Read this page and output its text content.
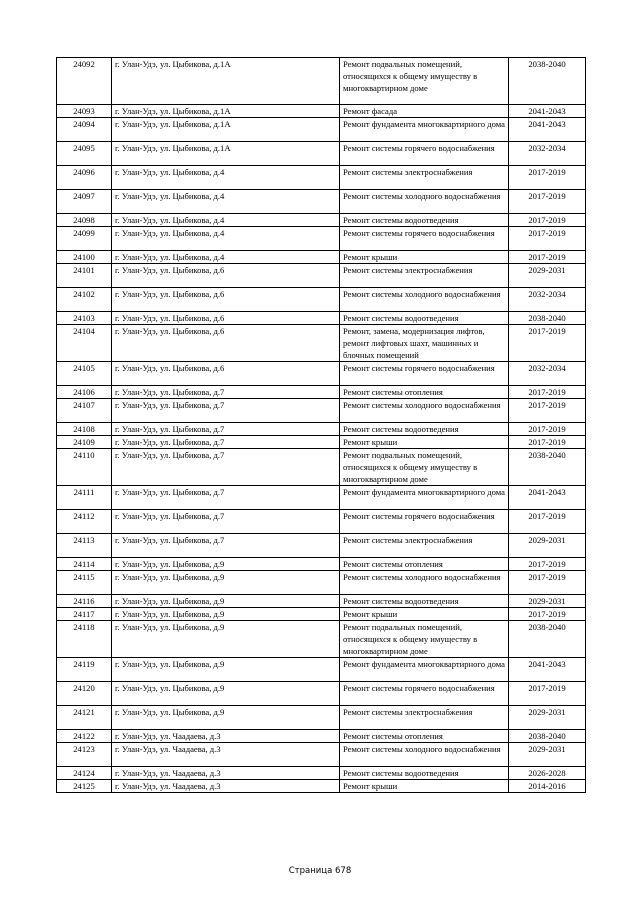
24092	г. Улан-Удэ, ул. Цыбикова, д.1А	Ремонт подвальных помещений, относящихся к общему имуществу в многоквартирном доме	2038-2040
24093	г. Улан-Удэ, ул. Цыбикова, д.1А	Ремонт фасада	2041-2043
24094	г. Улан-Удэ, ул. Цыбикова, д.1А	Ремонт фундамента многоквартирного дома	2041-2043
24095	г. Улан-Удэ, ул. Цыбикова, д.1А	Ремонт системы горячего водоснабжения	2032-2034
24096	г. Улан-Удэ, ул. Цыбикова, д.4	Ремонт системы электроснабжения	2017-2019
24097	г. Улан-Удэ, ул. Цыбикова, д.4	Ремонт системы холодного водоснабжения	2017-2019
24098	г. Улан-Удэ, ул. Цыбикова, д.4	Ремонт системы водоотведения	2017-2019
24099	г. Улан-Удэ, ул. Цыбикова, д.4	Ремонт системы горячего водоснабжения	2017-2019
24100	г. Улан-Удэ, ул. Цыбикова, д.4	Ремонт крыши	2017-2019
24101	г. Улан-Удэ, ул. Цыбикова, д.6	Ремонт системы электроснабжения	2029-2031
24102	г. Улан-Удэ, ул. Цыбикова, д.6	Ремонт системы холодного водоснабжения	2032-2034
24103	г. Улан-Удэ, ул. Цыбикова, д.6	Ремонт системы водоотведения	2038-2040
24104	г. Улан-Удэ, ул. Цыбикова, д.6	Ремонт, замена, модернизация лифтов, ремонт лифтовых шахт, машинных и блочных помещений	2017-2019
24105	г. Улан-Удэ, ул. Цыбикова, д.6	Ремонт системы горячего водоснабжения	2032-2034
24106	г. Улан-Удэ, ул. Цыбикова, д.7	Ремонт системы отопления	2017-2019
24107	г. Улан-Удэ, ул. Цыбикова, д.7	Ремонт системы холодного водоснабжения	2017-2019
24108	г. Улан-Удэ, ул. Цыбикова, д.7	Ремонт системы водоотведения	2017-2019
24109	г. Улан-Удэ, ул. Цыбикова, д.7	Ремонт крыши	2017-2019
24110	г. Улан-Удэ, ул. Цыбикова, д.7	Ремонт подвальных помещений, относящихся к общему имуществу в многоквартирном доме	2038-2040
24111	г. Улан-Удэ, ул. Цыбикова, д.7	Ремонт фундамента многоквартирного дома	2041-2043
24112	г. Улан-Удэ, ул. Цыбикова, д.7	Ремонт системы горячего водоснабжения	2017-2019
24113	г. Улан-Удэ, ул. Цыбикова, д.7	Ремонт системы электроснабжения	2029-2031
24114	г. Улан-Удэ, ул. Цыбикова, д.9	Ремонт системы отопления	2017-2019
24115	г. Улан-Удэ, ул. Цыбикова, д.9	Ремонт системы холодного водоснабжения	2017-2019
24116	г. Улан-Удэ, ул. Цыбикова, д.9	Ремонт системы водоотведения	2029-2031
24117	г. Улан-Удэ, ул. Цыбикова, д.9	Ремонт крыши	2017-2019
24118	г. Улан-Удэ, ул. Цыбикова, д.9	Ремонт подвальных помещений, относящихся к общему имуществу в многоквартирном доме	2038-2040
24119	г. Улан-Удэ, ул. Цыбикова, д.9	Ремонт фундамента многоквартирного дома	2041-2043
24120	г. Улан-Удэ, ул. Цыбикова, д.9	Ремонт системы горячего водоснабжения	2017-2019
24121	г. Улан-Удэ, ул. Цыбикова, д.9	Ремонт системы электроснабжения	2029-2031
24122	г. Улан-Удэ, ул. Чаадаева, д.3	Ремонт системы отопления	2038-2040
24123	г. Улан-Удэ, ул. Чаадаева, д.3	Ремонт системы холодного водоснабжения	2029-2031
24124	г. Улан-Удэ, ул. Чаадаева, д.3	Ремонт системы водоотведения	2026-2028
24125	г. Улан-Удэ, ул. Чаадаева, д.3	Ремонт крыши	2014-2016
Страница 678
